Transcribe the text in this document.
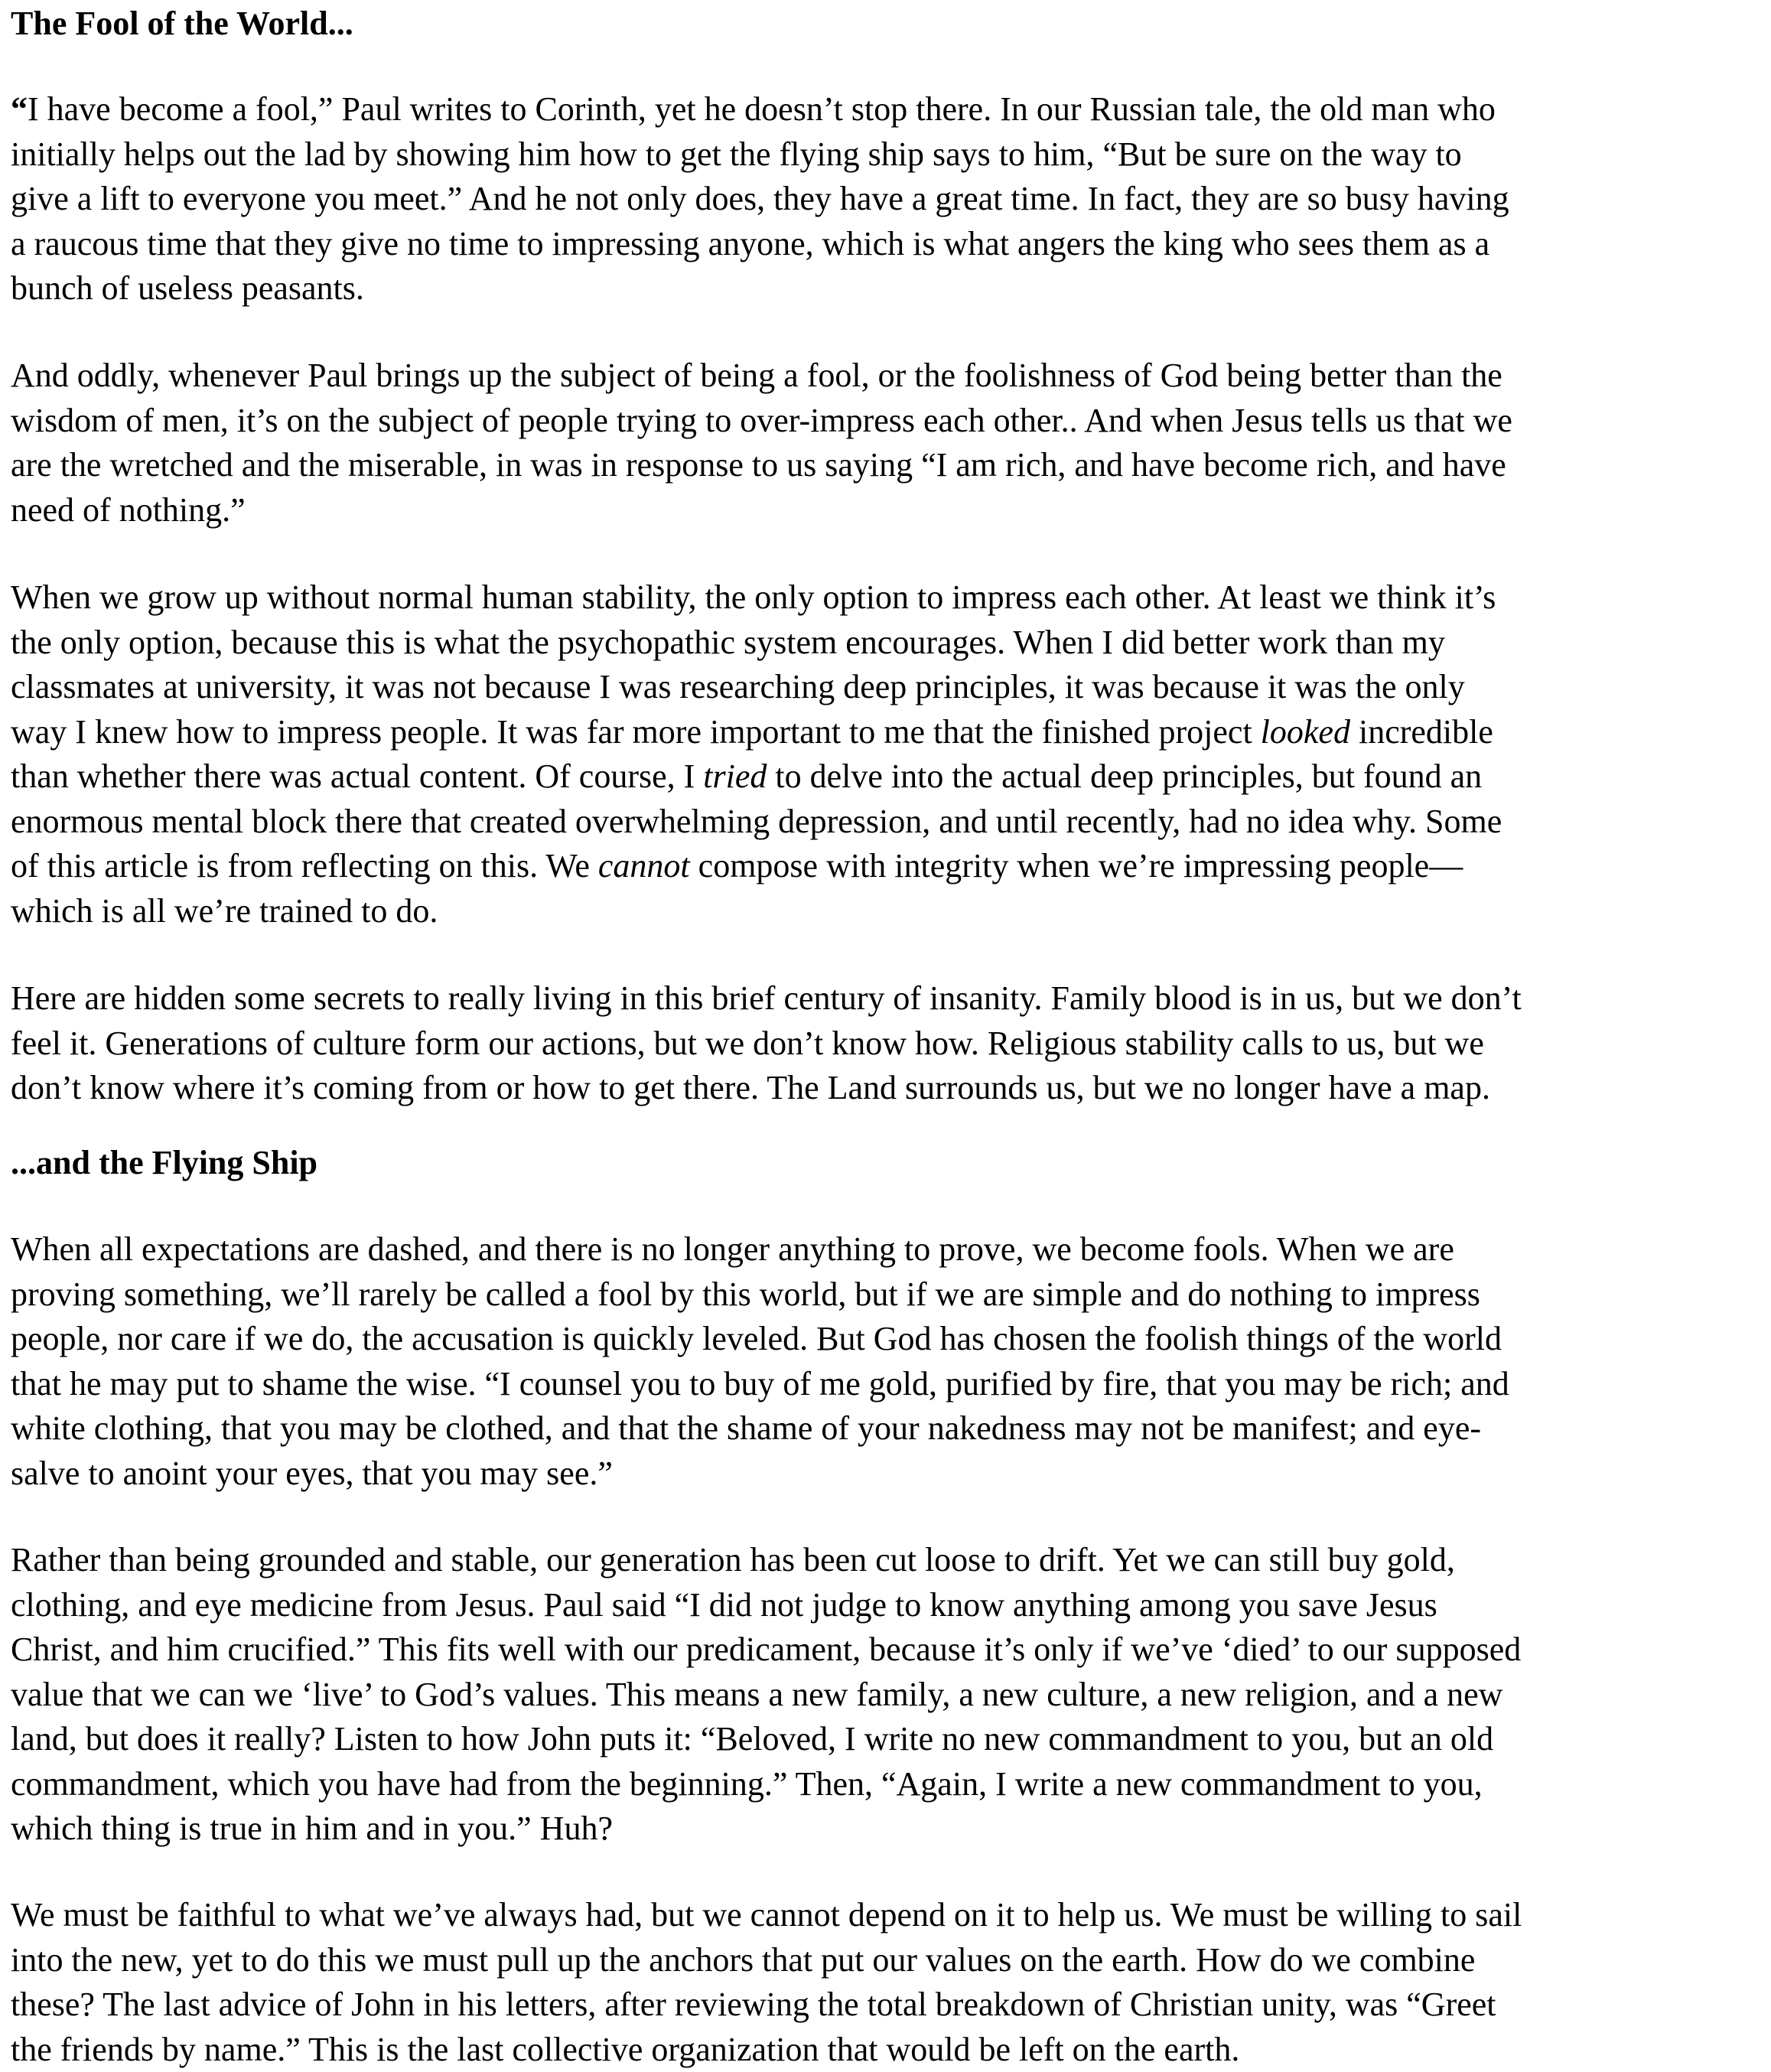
The Fool of the World...
“I have become a fool,” Paul writes to Corinth, yet he doesn’t stop there. In our Russian tale, the old man who
initially helps out the lad by showing him how to get the flying ship says to him, “But be sure on the way to
give a lift to everyone you meet.” And he not only does, they have a great time. In fact, they are so busy having
a raucous time that they give no time to impressing anyone, which is what angers the king who sees them as a
bunch of useless peasants.
And oddly, whenever Paul brings up the subject of being a fool, or the foolishness of God being better than the
wisdom of men, it’s on the subject of people trying to over-impress each other.. And when Jesus tells us that we
are the wretched and the miserable, in was in response to us saying “I am rich, and have become rich, and have
need of nothing.”
When we grow up without normal human stability, the only option to impress each other. At least we think it’s
the only option, because this is what the psychopathic system encourages. When I did better work than my
classmates at university, it was not because I was researching deep principles, it was because it was the only
way I knew how to impress people. It was far more important to me that the finished project looked incredible
than whether there was actual content. Of course, I tried to delve into the actual deep principles, but found an
enormous mental block there that created overwhelming depression, and until recently, had no idea why. Some
of this article is from reflecting on this. We cannot compose with integrity when we’re impressing people—
which is all we’re trained to do.
Here are hidden some secrets to really living in this brief century of insanity. Family blood is in us, but we don’t
feel it. Generations of culture form our actions, but we don’t know how. Religious stability calls to us, but we
don’t know where it’s coming from or how to get there. The Land surrounds us, but we no longer have a map.
...and the Flying Ship
When all expectations are dashed, and there is no longer anything to prove, we become fools. When we are
proving something, we’ll rarely be called a fool by this world, but if we are simple and do nothing to impress
people, nor care if we do, the accusation is quickly leveled. But God has chosen the foolish things of the world
that he may put to shame the wise. “I counsel you to buy of me gold, purified by fire, that you may be rich; and
white clothing, that you may be clothed, and that the shame of your nakedness may not be manifest; and eye-
salve to anoint your eyes, that you may see.”
Rather than being grounded and stable, our generation has been cut loose to drift. Yet we can still buy gold,
clothing, and eye medicine from Jesus. Paul said “I did not judge to know anything among you save Jesus
Christ, and him crucified.” This fits well with our predicament, because it’s only if we’ve ‘died’ to our supposed
value that we can we ‘live’ to God’s values. This means a new family, a new culture, a new religion, and a new
land, but does it really? Listen to how John puts it: “Beloved, I write no new commandment to you, but an old
commandment, which you have had from the beginning.” Then, “Again, I write a new commandment to you,
which thing is true in him and in you.” Huh?
We must be faithful to what we’ve always had, but we cannot depend on it to help us. We must be willing to sail
into the new, yet to do this we must pull up the anchors that put our values on the earth. How do we combine
these? The last advice of John in his letters, after reviewing the total breakdown of Christian unity, was “Greet
the friends by name.” This is the last collective organization that would be left on the earth.
